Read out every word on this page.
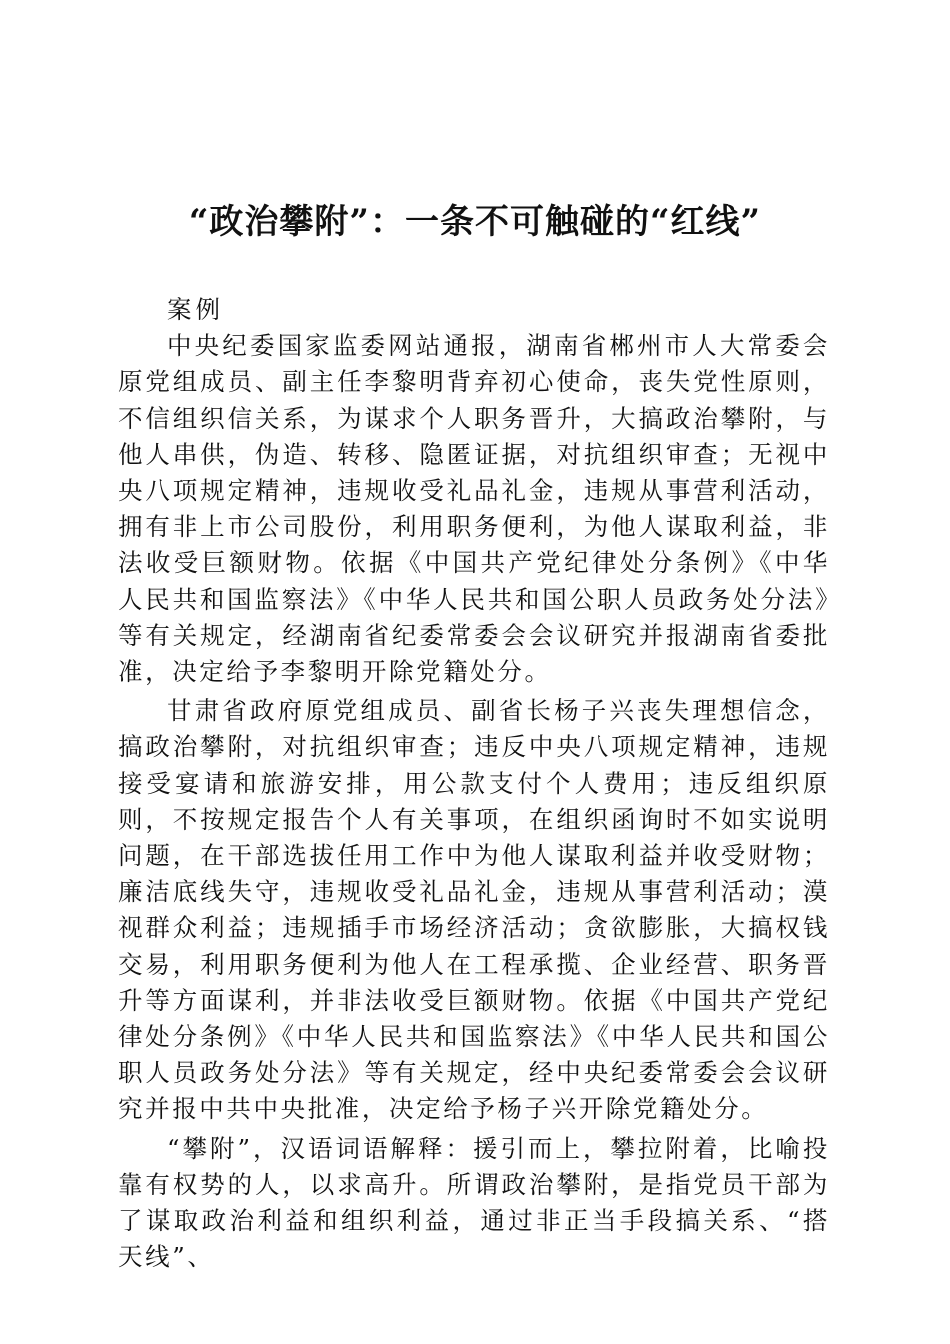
“政治攀附”：一条不可触碰的“红线”

案例

中央纪委国家监委网站通报，湖南省郴州市人大常委会原党组成员、副主任李黎明背弃初心使命，丧失党性原则，不信组织信关系，为谋求个人职务晋升，大搞政治攀附，与他人串供，伪造、转移、隐匿证据，对抗组织审查；无视中央八项规定精神，违规收受礼品礼金，违规从事营利活动，拥有非上市公司股份，利用职务便利，为他人谋取利益，非法收受巨额财物。依据《中国共产党纪律处分条例》《中华人民共和国监察法》《中华人民共和国公职人员政务处分法》等有关规定，经湖南省纪委常委会会议研究并报湖南省委批准，决定给予李黎明开除党籍处分。

甘肃省政府原党组成员、副省长杨子兴丧失理想信念，搞政治攀附，对抗组织审查；违反中央八项规定精神，违规接受宴请和旅游安排，用公款支付个人费用；违反组织原则，不按规定报告个人有关事项，在组织函询时不如实说明问题，在干部选拔任用工作中为他人谋取利益并收受财物；廉洁底线失守，违规收受礼品礼金，违规从事营利活动；漠视群众利益；违规插手市场经济活动；贪欲膨胀，大搞权钱交易，利用职务便利为他人在工程承揽、企业经营、职务晋升等方面谋利，并非法收受巨额财物。依据《中国共产党纪律处分条例》《中华人民共和国监察法》《中华人民共和国公职人员政务处分法》等有关规定，经中央纪委常委会会议研究并报中共中央批准，决定给予杨子兴开除党籍处分。

“攀附”，汉语词语解释：援引而上，攀拉附着，比喻投靠有权势的人，以求高升。所谓政治攀附，是指党员干部为了谋取政治利益和组织利益，通过非正当手段搞关系、“搭天线”、
